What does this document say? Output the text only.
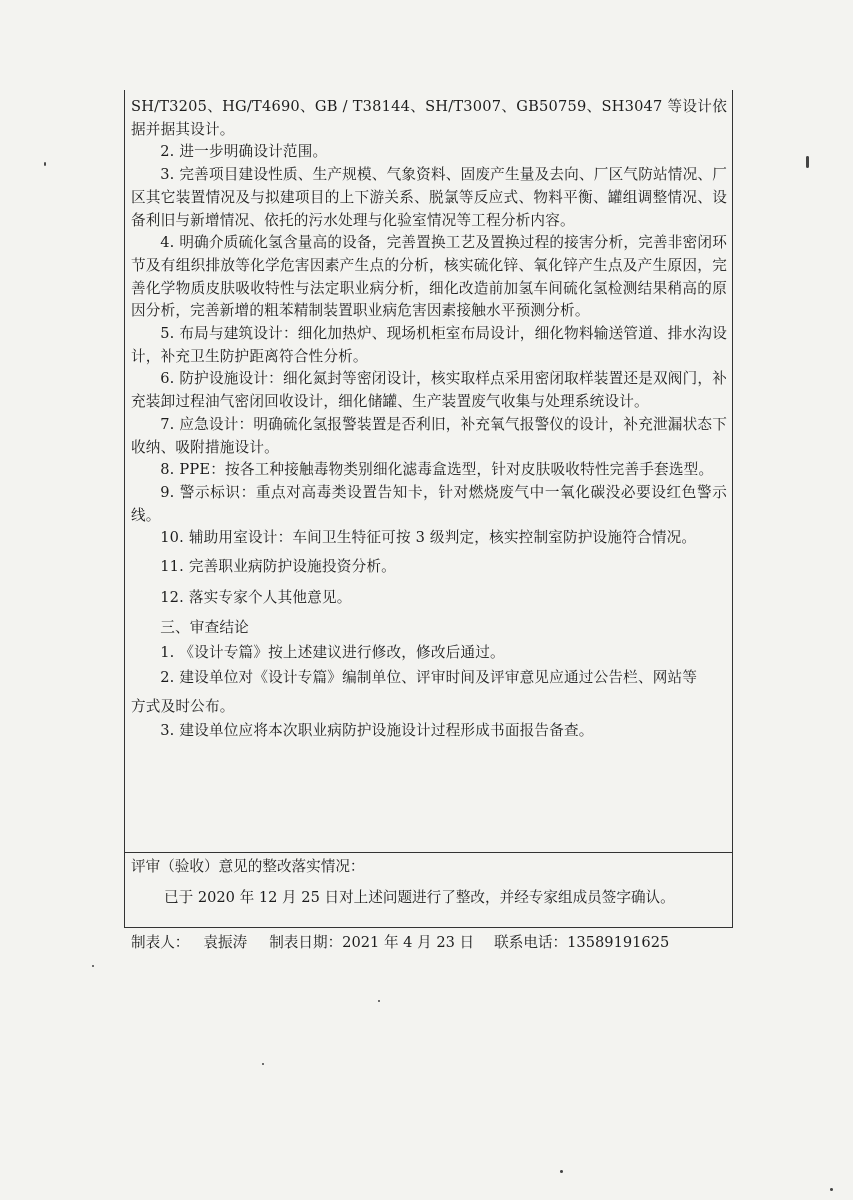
SH/T3205、HG/T4690、GB / T38144、SH/T3007、GB50759、SH3047 等设计依据并据其设计。

2. 进一步明确设计范围。

3. 完善项目建设性质、生产规模、气象资料、固废产生量及去向、厂区气防站情况、厂区其它装置情况及与拟建项目的上下游关系、脱氯等反应式、物料平衡、罐组调整情况、设备利旧与新增情况、依托的污水处理与化验室情况等工程分析内容。

4. 明确介质硫化氢含量高的设备，完善置换工艺及置换过程的接害分析，完善非密闭环节及有组织排放等化学危害因素产生点的分析，核实硫化锌、氧化锌产生点及产生原因，完善化学物质皮肤吸收特性与法定职业病分析，细化改造前加氢车间硫化氢检测结果稍高的原因分析，完善新增的粗苯精制装置职业病危害因素接触水平预测分析。

5. 布局与建筑设计：细化加热炉、现场机柜室布局设计，细化物料输送管道、排水沟设计，补充卫生防护距离符合性分析。

6. 防护设施设计：细化氮封等密闭设计，核实取样点采用密闭取样装置还是双阀门，补充装卸过程油气密闭回收设计，细化储罐、生产装置废气收集与处理系统设计。

7. 应急设计：明确硫化氢报警装置是否利旧，补充氧气报警仪的设计，补充泄漏状态下收纳、吸附措施设计。

8. PPE：按各工种接触毒物类别细化滤毒盒选型，针对皮肤吸收特性完善手套选型。

9. 警示标识：重点对高毒类设置告知卡，针对燃烧废气中一氧化碳没必要设红色警示线。

10. 辅助用室设计：车间卫生特征可按 3 级判定，核实控制室防护设施符合情况。

11. 完善职业病防护设施投资分析。

12. 落实专家个人其他意见。

三、审查结论

1. 《设计专篇》按上述建议进行修改，修改后通过。

2. 建设单位对《设计专篇》编制单位、评审时间及评审意见应通过公告栏、网站等

方式及时公布。

3. 建设单位应将本次职业病防护设施设计过程形成书面报告备查。

评审（验收）意见的整改落实情况：
已于 2020 年 12 月 25 日对上述问题进行了整改，并经专家组成员签字确认。
制表人： 袁振涛 制表日期：2021 年 4 月 23 日 联系电话：13589191625
